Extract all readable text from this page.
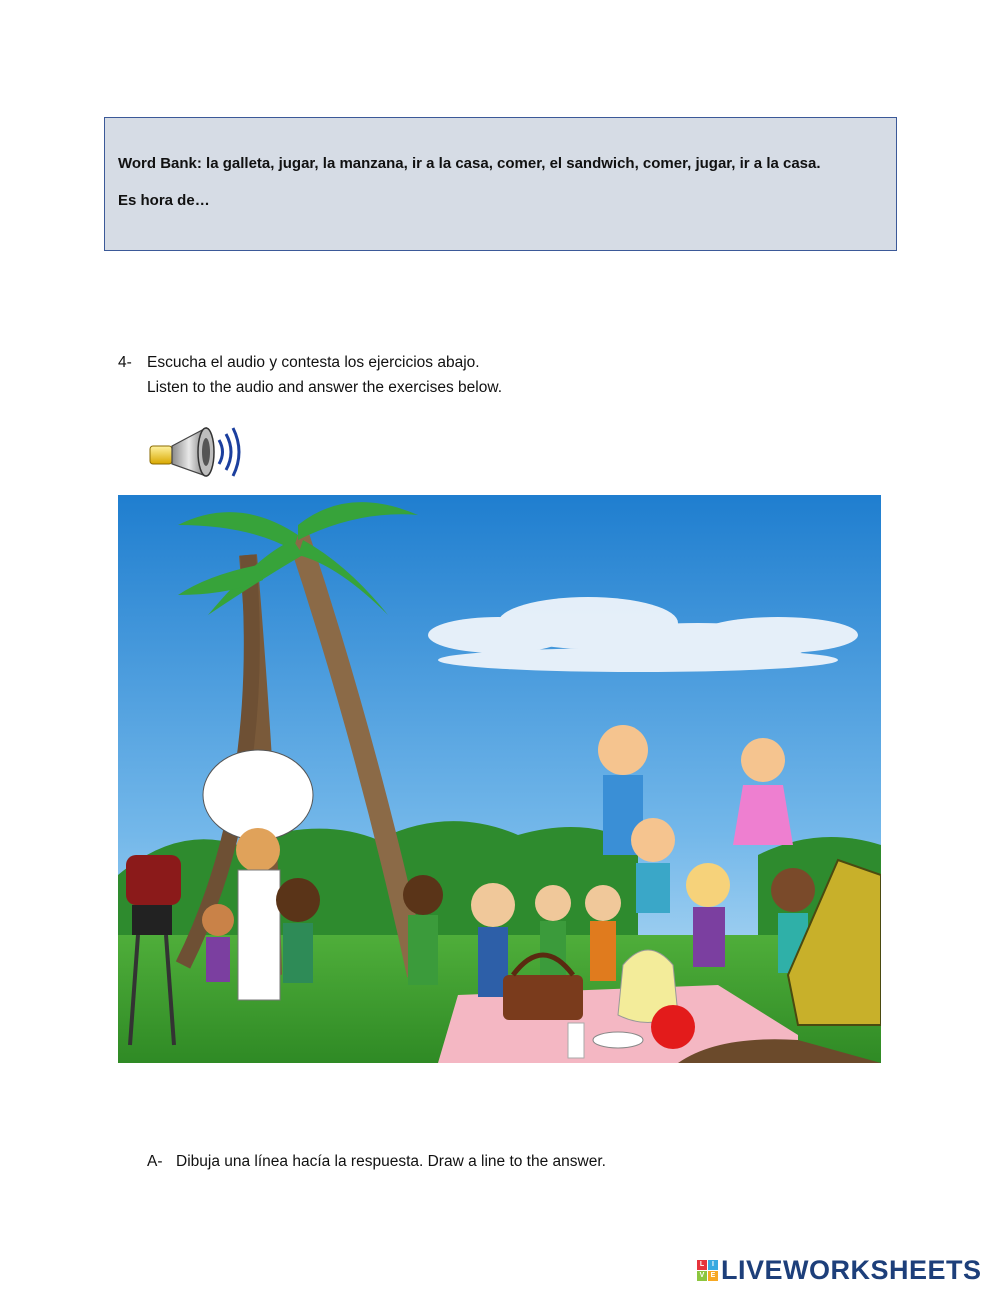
Word Bank: la galleta, jugar, la manzana, ir a la casa, comer, el sandwich, comer, jugar, ir a la casa.
Es hora de…
4- Escucha el audio y contesta los ejercicios abajo.
Listen to the audio and answer the exercises below.
A- Dibuja una línea hacía la respuesta. Draw a line to the answer.
L	I
V E LIVEWORKSHEETS
